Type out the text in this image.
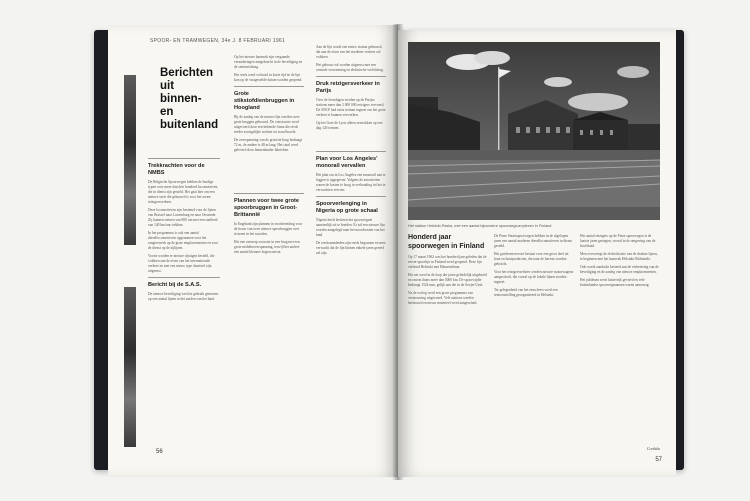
SPOOR- EN TRAMWEGEN, 34e J. 8 FEBRUARI 1961
Berichten
uit
binnen-
en
buitenland
Trekkrachten voor de NMBS

De Belgische Spoorwegen hebben de huidige typen voor meer dan drie honderd locomotieven, die in dienst zijn gesteld. Het gaat hier om een nieuwe serie die gebouwd is voor het zware reizigersverkeer.

Deze locomotieven zijn bestemd voor de lijnen van Brussel naar Luxemburg en naar Oostende. Zij kunnen treinen van 800 ton met een snelheid van 140 km/uur trekken.

In het programma is ook een aantal diesellocomotieven opgenomen voor het rangeerwerk op de grote emplacementen en voor de dienst op de zijlijnen.

Voorts worden er nieuwe rijtuigen besteld, die voldoen aan de eisen van het internationale verkeer en met een nieuw type draaistel zijn uitgerust.

Bericht bij de S.A.S.

De nieuwe beveiliging werd in gebruik genomen op een aantal lijnen in het zuiden van het land.

Op het nieuwe baanvak zijn vergaande veranderingen aangebracht in de beveiliging en de seininrichting.

Het werk werd voltooid in korte tijd en de lijn kon op de vastgestelde datum worden geopend.

Grote stikstofdienbruggen in Hoogland

Bij de aanleg van de nieuwe lijn werden twee grote bruggen gebouwd. De constructie werd uitgevoerd door een bekende firma die reeds eerder soortgelijke werken tot stand bracht.

De overspanning van de grootste brug bedraagt 72 m, de andere is 48 m lang. Het staal werd geleverd door binnenlandse fabrieken.

Plannen voor twee grote spoorbruggen in Groot-Brittannië

In Engeland zijn plannen in voorbereiding voor de bouw van twee nieuwe spoorbruggen over rivieren in het noorden.

Het ene ontwerp voorziet in een brug met een grote middenoverspanning, terwijl het andere een aantal kleinere bogen omvat.

Aan de lijn wordt een nieuw station gebouwd, dat aan de eisen van het moderne verkeer zal voldoen.

Het gebouw zal worden uitgerust met een centrale verwarming en elektrische verlichting.

Druk reizigersverkeer in Parijs

Over de feestdagen werden op de Parijse stations meer dan 2 000 000 reizigers vervoerd. De SNCF had extra treinen ingezet om het grote verkeer te kunnen verwerken.

Op het Gare de Lyon alleen vertrokken op een dag 120 treinen.

Plan voor Los Angeles' monorail vervallen

Het plan om in Los Angeles een monorail aan te leggen is opgegeven. Volgens de autoriteiten waren de kosten te hoog in verhouding tot het te verwachten vervoer.

Spoorverlenging in Nigeria op grote schaal

Nigeria heeft besloten het spoorwegnet aanzienlijk uit te breiden. Er zal een nieuwe lijn worden aangelegd naar het noordoosten van het land.

De werkzaamheden zijn reeds begonnen en men verwacht dat de lijn binnen enkele jaren gereed zal zijn.

56
Het station Helsinki-Pasila, met een aantal bijzondere spoorwegcomplexen in Finland
Honderd jaar spoorwegen in Finland

Op 17 maart 1962 was het honderd jaar geleden dat de eerste spoorlijn in Finland werd geopend. Deze lijn verbond Helsinki met Hämeenlinna.

Het net werd in de loop der jaren geleidelijk uitgebreid en omvat thans meer dan 5000 km. De spoorwijdte bedraagt 1524 mm, gelijk aan die in de Sovjet-Unie.

Na de oorlog werd een groot programma van vernieuwing uitgevoerd. Vele stations werden herbouwd en nieuw materieel werd aangeschaft.

De Finse Staatsspoorwegen hebben in de afgelopen jaren een aantal moderne diesellocomotieven in dienst gesteld.

Het goederenvervoer bestaat voor een groot deel uit hout en houtproducten, die naar de havens worden gebracht.

Voor het reizigersverkeer werden nieuwe motorwagens aangeschaft, die vooral op de lokale lijnen worden ingezet.

Ter gelegenheid van het eeuwfeest werd een tentoonstelling georganiseerd in Helsinki.

Het aantal reizigers op de Finse spoorwegen is de laatste jaren gestegen, vooral in de omgeving van de hoofdstad.

Men overweegt de elektrificatie van de drukste lijnen, te beginnen met het baanvak Helsinki-Riihimäki.

Ook wordt aandacht besteed aan de verbetering van de beveiliging en de aanleg van nieuwe emplacementen.

Het jubileum werd luisterrijk gevierd en vele buitenlandse spoorwegmannen waren aanwezig.

Cordula
57
